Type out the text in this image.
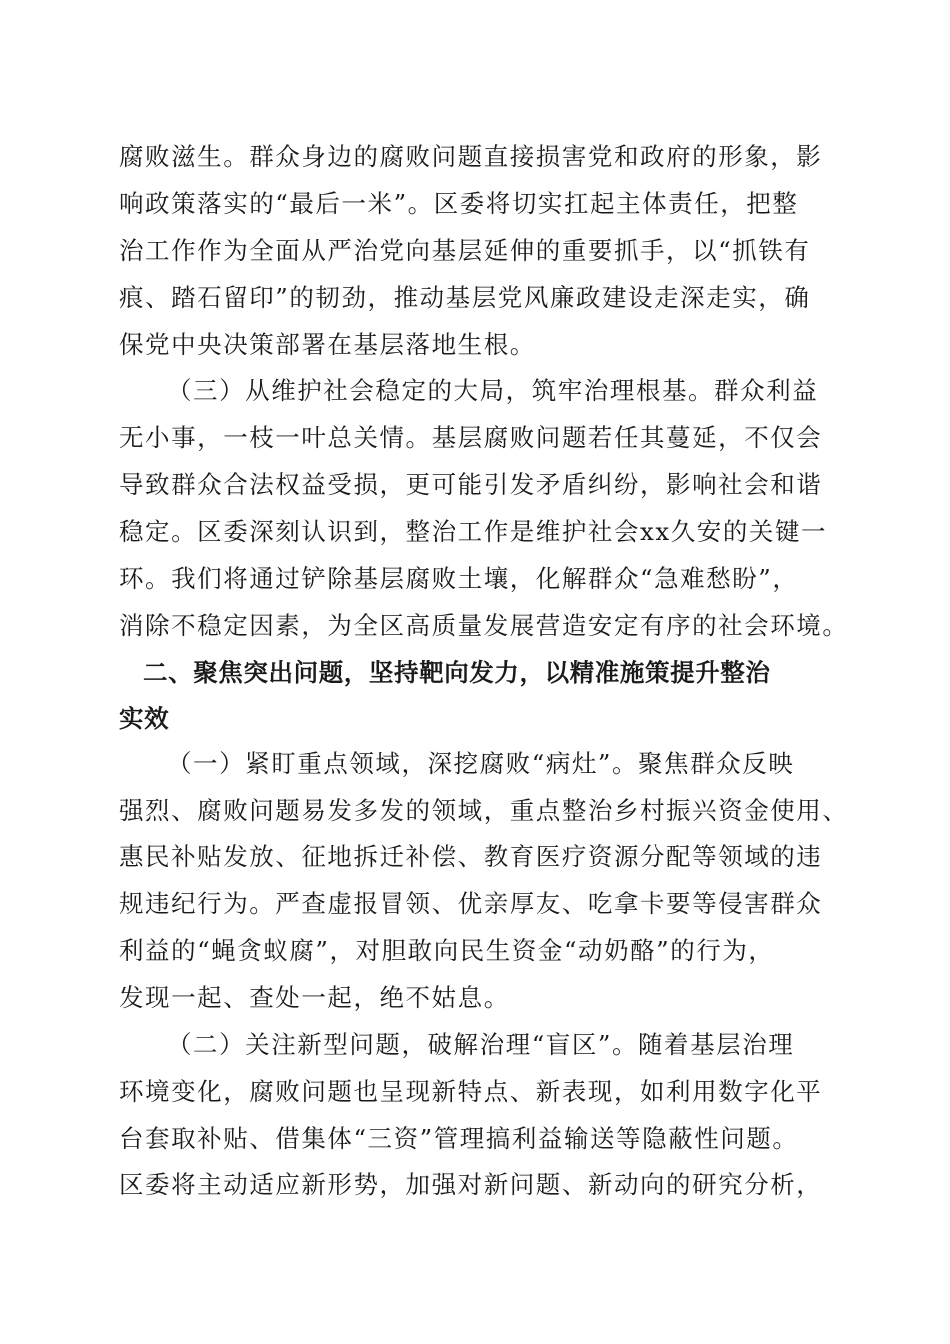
腐败滋生。群众身边的腐败问题直接损害党和政府的形象，影
响政策落实的“最后一米”。区委将切实扛起主体责任，把整
治工作作为全面从严治党向基层延伸的重要抓手，以“抓铁有
痕、踏石留印”的韧劲，推动基层党风廉政建设走深走实，确
保党中央决策部署在基层落地生根。
（三）从维护社会稳定的大局，筑牢治理根基。群众利益
无小事，一枝一叶总关情。基层腐败问题若任其蔓延，不仅会
导致群众合法权益受损，更可能引发矛盾纠纷，影响社会和谐
稳定。区委深刻认识到，整治工作是维护社会xx久安的关键一
环。我们将通过铲除基层腐败土壤，化解群众“急难愁盼”，
消除不稳定因素，为全区高质量发展营造安定有序的社会环境。
二、聚焦突出问题，坚持靶向发力，以精准施策提升整治
实效
（一）紧盯重点领域，深挖腐败“病灶”。聚焦群众反映
强烈、腐败问题易发多发的领域，重点整治乡村振兴资金使用、
惠民补贴发放、征地拆迁补偿、教育医疗资源分配等领域的违
规违纪行为。严查虚报冒领、优亲厚友、吃拿卡要等侵害群众
利益的“蝇贪蚁腐”，对胆敢向民生资金“动奶酪”的行为，
发现一起、查处一起，绝不姑息。
（二）关注新型问题，破解治理“盲区”。随着基层治理
环境变化，腐败问题也呈现新特点、新表现，如利用数字化平
台套取补贴、借集体“三资”管理搞利益输送等隐蔽性问题。
区委将主动适应新形势，加强对新问题、新动向的研究分析，
